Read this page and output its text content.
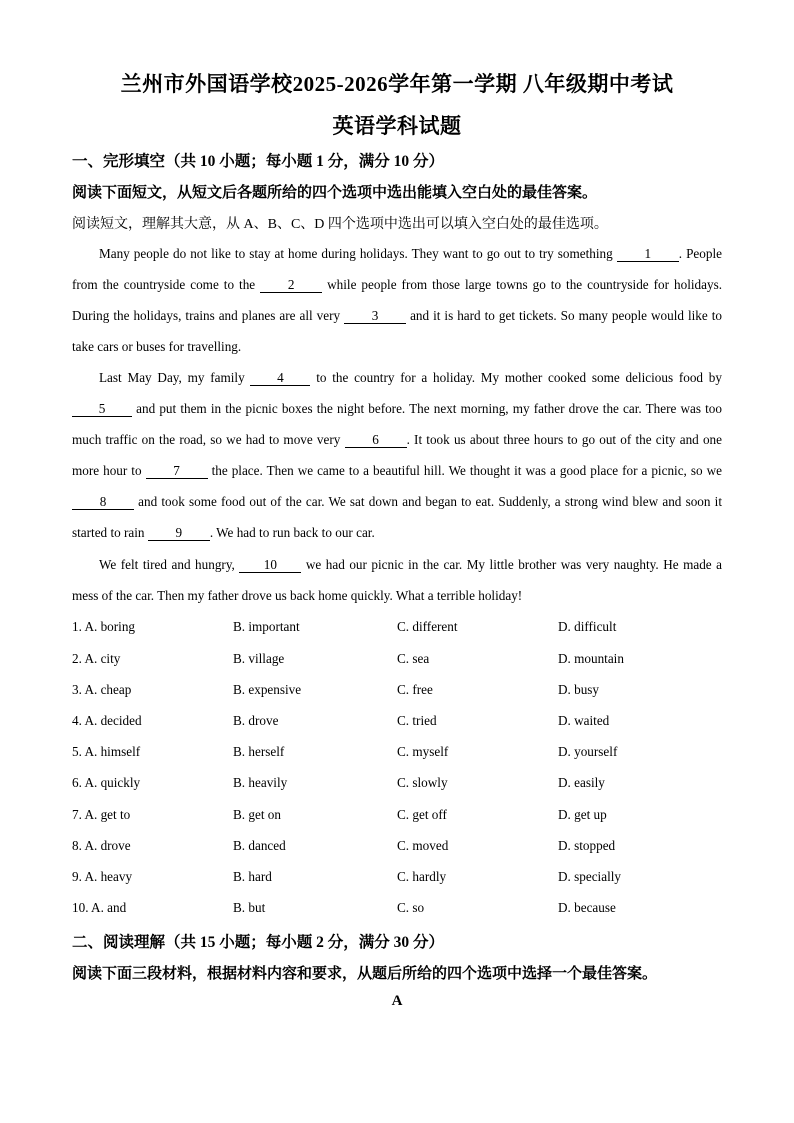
兰州市外国语学校2025-2026学年第一学期 八年级期中考试
英语学科试题
一、完形填空（共 10 小题；每小题 1 分，满分 10 分）
阅读下面短文，从短文后各题所给的四个选项中选出能填入空白处的最佳答案。
阅读短文，理解其大意，从 A、B、C、D 四个选项中选出可以填入空白处的最佳选项。

Many people do not like to stay at home during holidays. They want to go out to try something 1 . People from the countryside come to the 2 while people from those large towns go to the countryside for holidays. During the holidays, trains and planes are all very 3 and it is hard to get tickets. So many people would like to take cars or buses for travelling.

Last May Day, my family 4 to the country for a holiday. My mother cooked some delicious food by 5 and put them in the picnic boxes the night before. The next morning, my father drove the car. There was too much traffic on the road, so we had to move very 6 . It took us about three hours to go out of the city and one more hour to 7 the place. Then we came to a beautiful hill. We thought it was a good place for a picnic, so we 8 and took some food out of the car. We sat down and began to eat. Suddenly, a strong wind blew and soon it started to rain 9 . We had to run back to our car.

We felt tired and hungry, 10 we had our picnic in the car. My little brother was very naughty. He made a mess of the car. Then my father drove us back home quickly. What a terrible holiday!

1. A. boring	B. important	C. different	D. difficult
2. A. city	B. village	C. sea	D. mountain
3. A. cheap	B. expensive	C. free	D. busy
4. A. decided	B. drove	C. tried	D. waited
5. A. himself	B. herself	C. myself	D. yourself
6. A. quickly	B. heavily	C. slowly	D. easily
7. A. get to	B. get on	C. get off	D. get up
8. A. drove	B. danced	C. moved	D. stopped
9. A. heavy	B. hard	C. hardly	D. specially
10. A. and	B. but	C. so	D. because
二、阅读理解（共 15 小题；每小题 2 分，满分 30 分）
阅读下面三段材料，根据材料内容和要求，从题后所给的四个选项中选择一个最佳答案。
A
